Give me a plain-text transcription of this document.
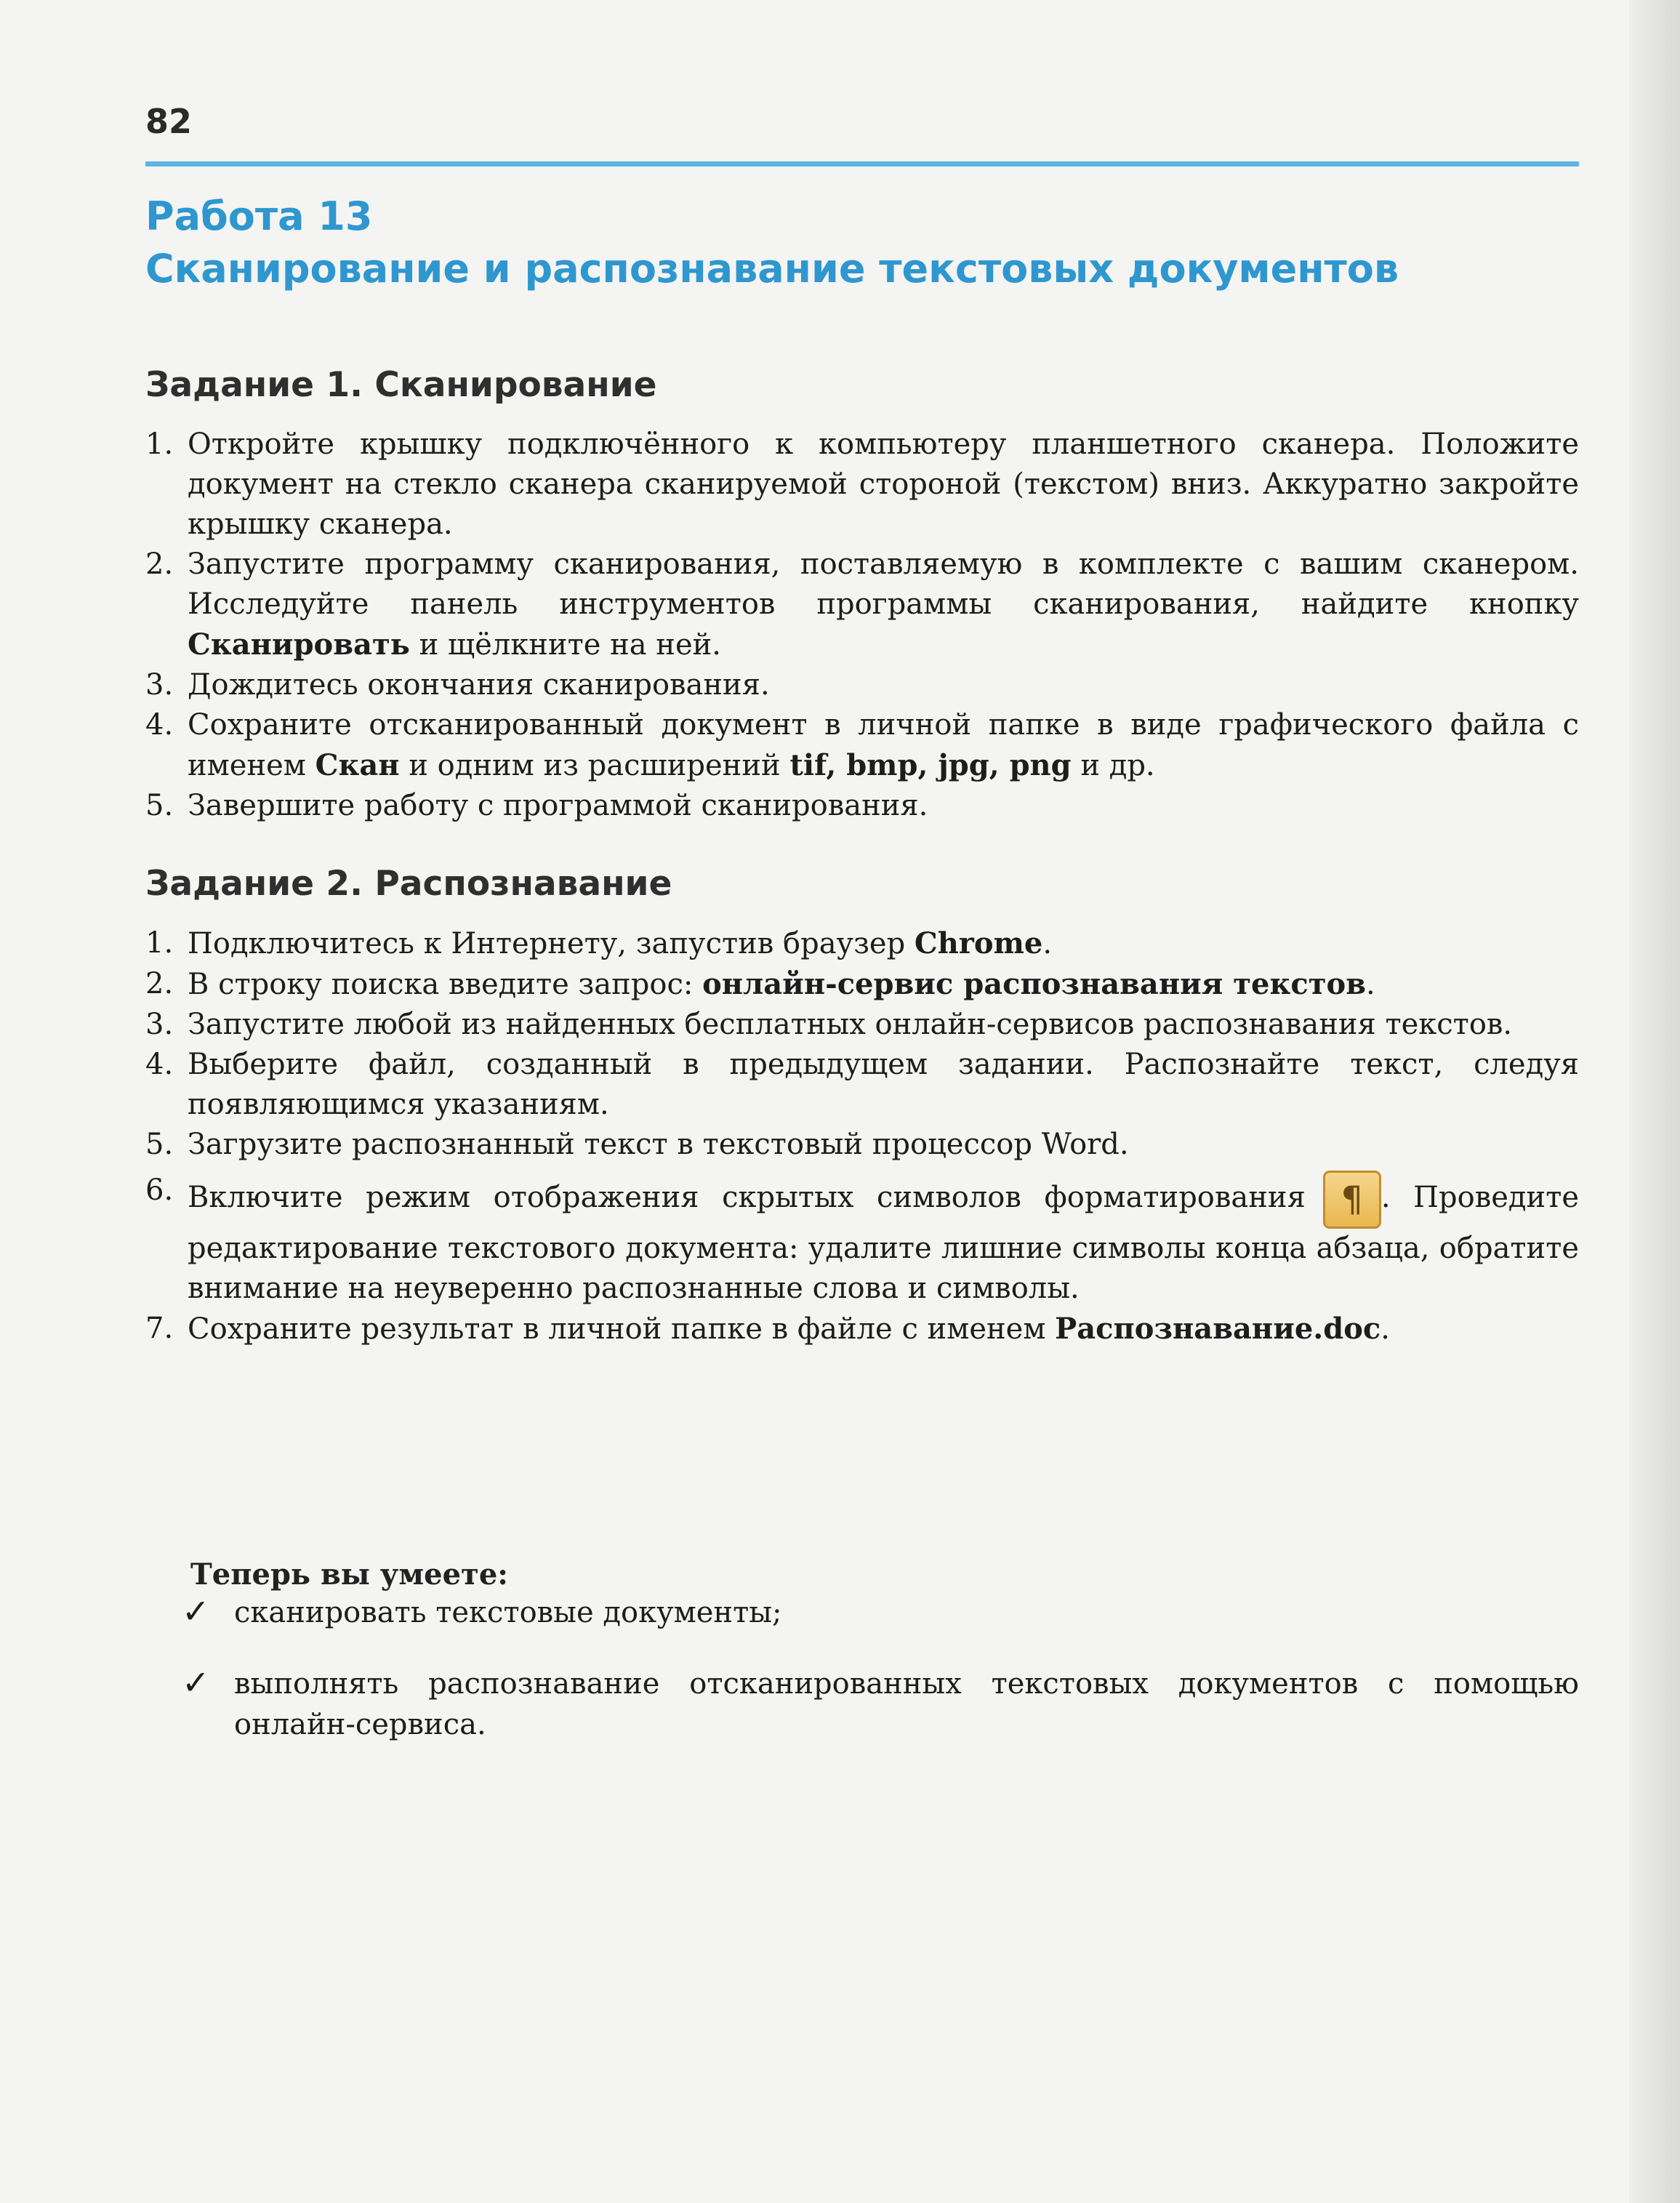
82
Работа 13
Сканирование и распознавание текстовых документов
Задание 1. Сканирование
1. Откройте крышку подключённого к компьютеру планшетного сканера. Положите документ на стекло сканера сканируемой стороной (текстом) вниз. Аккуратно закройте крышку сканера.
2. Запустите программу сканирования, поставляемую в комплекте с вашим сканером. Исследуйте панель инструментов программы сканирования, найдите кнопку Сканировать и щёлкните на ней.
3. Дождитесь окончания сканирования.
4. Сохраните отсканированный документ в личной папке в виде графического файла с именем Скан и одним из расширений tif, bmp, jpg, png и др.
5. Завершите работу с программой сканирования.
Задание 2. Распознавание
1. Подключитесь к Интернету, запустив браузер Chrome.
2. В строку поиска введите запрос: онлайн-сервис распознавания текстов.
3. Запустите любой из найденных бесплатных онлайн-сервисов распознавания текстов.
4. Выберите файл, созданный в предыдущем задании. Распознайте текст, следуя появляющимся указаниям.
5. Загрузите распознанный текст в текстовый процессор Word.
6. Включите режим отображения скрытых символов форматирования ¶ . Проведите редактирование текстового документа: удалите лишние символы конца абзаца, обратите внимание на неуверенно распознанные слова и символы.
7. Сохраните результат в личной папке в файле с именем Распознавание.doc.
Теперь вы умеете:
✓ сканировать текстовые документы;
✓ выполнять распознавание отсканированных текстовых документов с помощью онлайн-сервиса.
